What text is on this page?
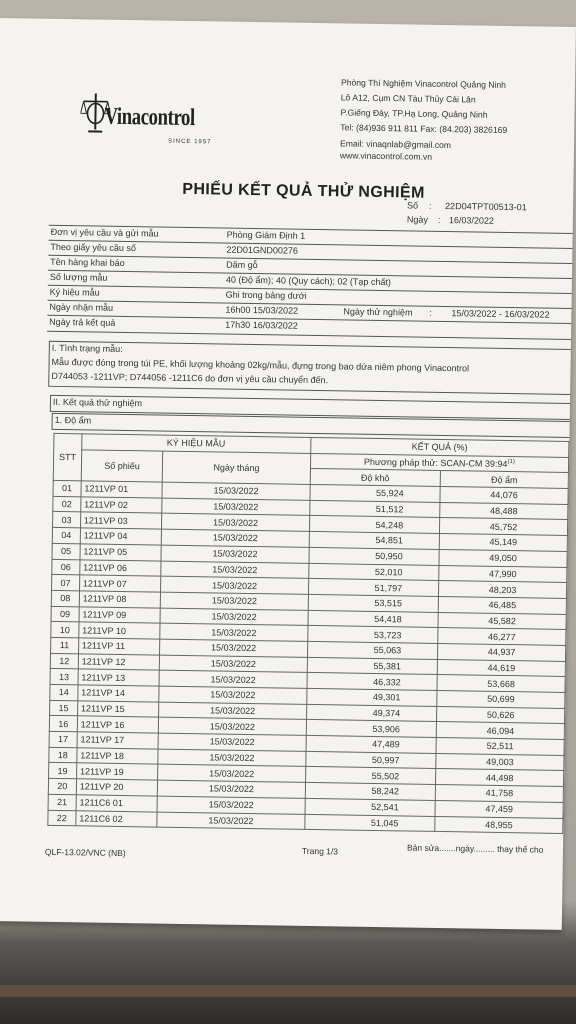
Vinacontrol
SINCE 1957
Phòng Thí Nghiệm Vinacontrol Quảng Ninh
Lô A12, Cụm CN Tàu Thủy Cái Lân
P.Giếng Đáy, TP.Hạ Long, Quảng Ninh
Tel: (84)936 911 811 Fax: (84.203) 3826169
Email: vinaqnlab@gmail.com
www.vinacontrol.com.vn
PHIẾU KẾT QUẢ THỬ NGHIỆM
Số : 22D04TPT00513-01
Ngày : 16/03/2022
Đơn vị yêu cầu và gửi mẫu	Phòng Giám Định 1
Theo giấy yêu cầu số	22D01GND00276
Tên hàng khai báo	Dăm gỗ
Số lượng mẫu	40 (Độ ẩm); 40 (Quy cách); 02 (Tạp chất)
Ký hiệu mẫu	Ghi trong bảng dưới
Ngày nhận mẫu	16h00 15/03/2022	Ngày thử nghiệm : 15/03/2022 - 16/03/2022
Ngày trả kết quả	17h30 16/03/2022
I. Tình trạng mẫu:
Mẫu được đóng trong túi PE, khối lượng khoảng 02kg/mẫu, đựng trong bao dứa niêm phong Vinacontrol
D744053 -1211VP; D744056 -1211C6 do đơn vị yêu cầu chuyển đến.
II. Kết quả thử nghiệm
1. Độ ẩm
STT	KÝ HIỆU MẪU		KẾT QUẢ (%)	
	Số phiếu	Ngày tháng	Phương pháp thử: SCAN-CM 39:94$^{(1)}$
			Độ khô	Độ ẩm
01	1211VP 01	15/03/2022	55,924	44,076
02	1211VP 02	15/03/2022	51,512	48,488
03	1211VP 03	15/03/2022	54,248	45,752
04	1211VP 04	15/03/2022	54,851	45,149
05	1211VP 05	15/03/2022	50,950	49,050
06	1211VP 06	15/03/2022	52,010	47,990
07	1211VP 07	15/03/2022	51,797	48,203
08	1211VP 08	15/03/2022	53,515	46,485
09	1211VP 09	15/03/2022	54,418	45,582
10	1211VP 10	15/03/2022	53,723	46,277
11	1211VP 11	15/03/2022	55,063	44,937
12	1211VP 12	15/03/2022	55,381	44,619
13	1211VP 13	15/03/2022	46,332	53,668
14	1211VP 14	15/03/2022	49,301	50,699
15	1211VP 15	15/03/2022	49,374	50,626
16	1211VP 16	15/03/2022	53,906	46,094
17	1211VP 17	15/03/2022	47,489	52,511
18	1211VP 18	15/03/2022	50,997	49,003
19	1211VP 19	15/03/2022	55,502	44,498
20	1211VP 20	15/03/2022	58,242	41,758
21	1211C6 01	15/03/2022	52,541	47,459
22	1211C6 02	15/03/2022	51,045	48,955
QLF-13.02/VNC (NB)	Trang 1/3	Bản sửa.......ngày......... thay thế cho
